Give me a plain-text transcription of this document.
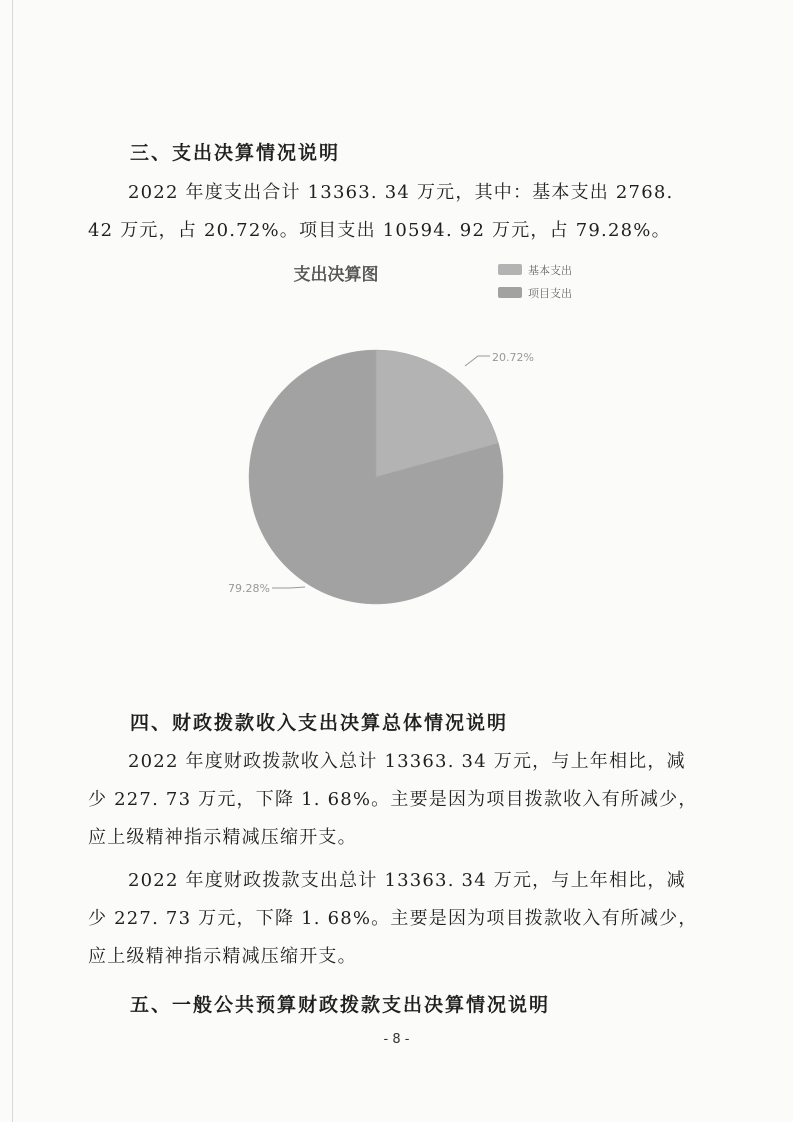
三、支出决算情况说明
2022 年度支出合计 13363. 34 万元，其中：基本支出 2768. 42 万元，占 20.72%。项目支出 10594. 92 万元，占 79.28%。
支出决算图	基本支出
项目支出
20.72%
79.28%
四、财政拨款收入支出决算总体情况说明
2022 年度财政拨款收入总计 13363. 34 万元，与上年相比，减少 227. 73 万元，下降 1. 68%。主要是因为项目拨款收入有所减少，应上级精神指示精减压缩开支。
2022 年度财政拨款支出总计 13363. 34 万元，与上年相比，减少 227. 73 万元，下降 1. 68%。主要是因为项目拨款收入有所减少，应上级精神指示精减压缩开支。
五、一般公共预算财政拨款支出决算情况说明
- 8 -
